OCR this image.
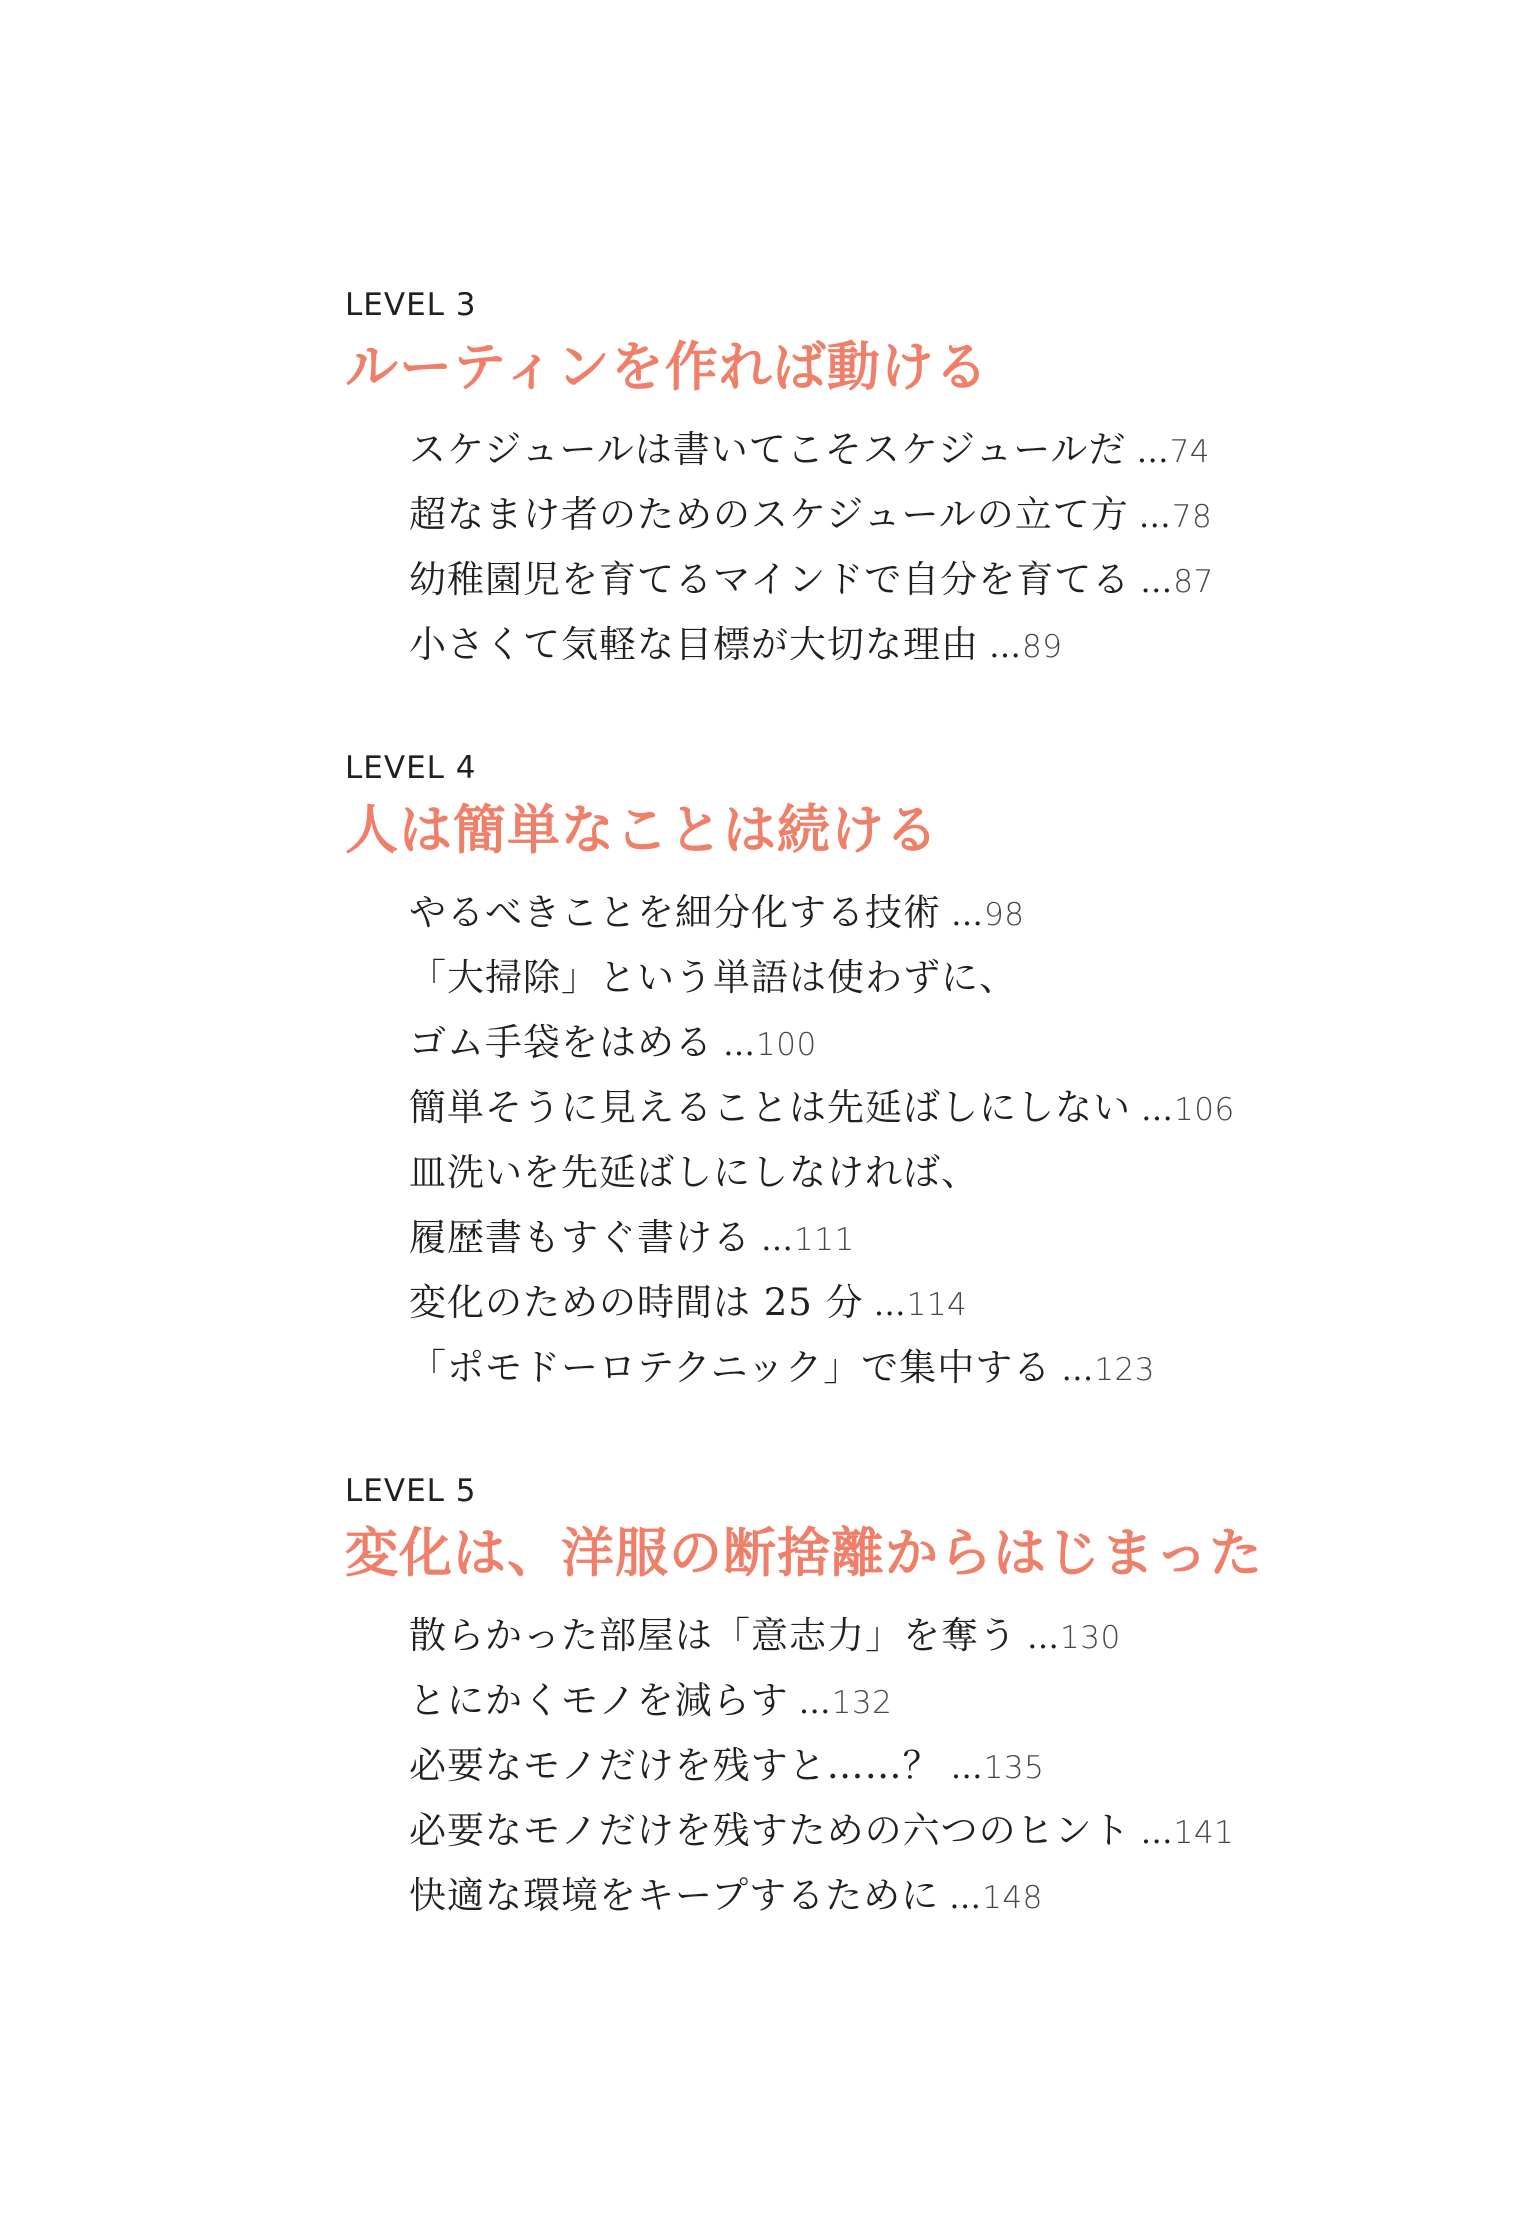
LEVEL 3
ルーティンを作れば動ける
スケジュールは書いてこそスケジュールだ …74
超なまけ者のためのスケジュールの立て方 …78
幼稚園児を育てるマインドで自分を育てる …87
小さくて気軽な目標が大切な理由 …89
LEVEL 4
人は簡単なことは続ける
やるべきことを細分化する技術 …98
「大掃除」という単語は使わずに、
ゴム手袋をはめる …100
簡単そうに見えることは先延ばしにしない …106
皿洗いを先延ばしにしなければ、
履歴書もすぐ書ける …111
変化のための時間は 25 分 …114
「ポモドーロテクニック」で集中する …123
LEVEL 5
変化は、洋服の断捨離からはじまった
散らかった部屋は「意志力」を奪う …130
とにかくモノを減らす …132
必要なモノだけを残すと……？ …135
必要なモノだけを残すための六つのヒント …141
快適な環境をキープするために …148
